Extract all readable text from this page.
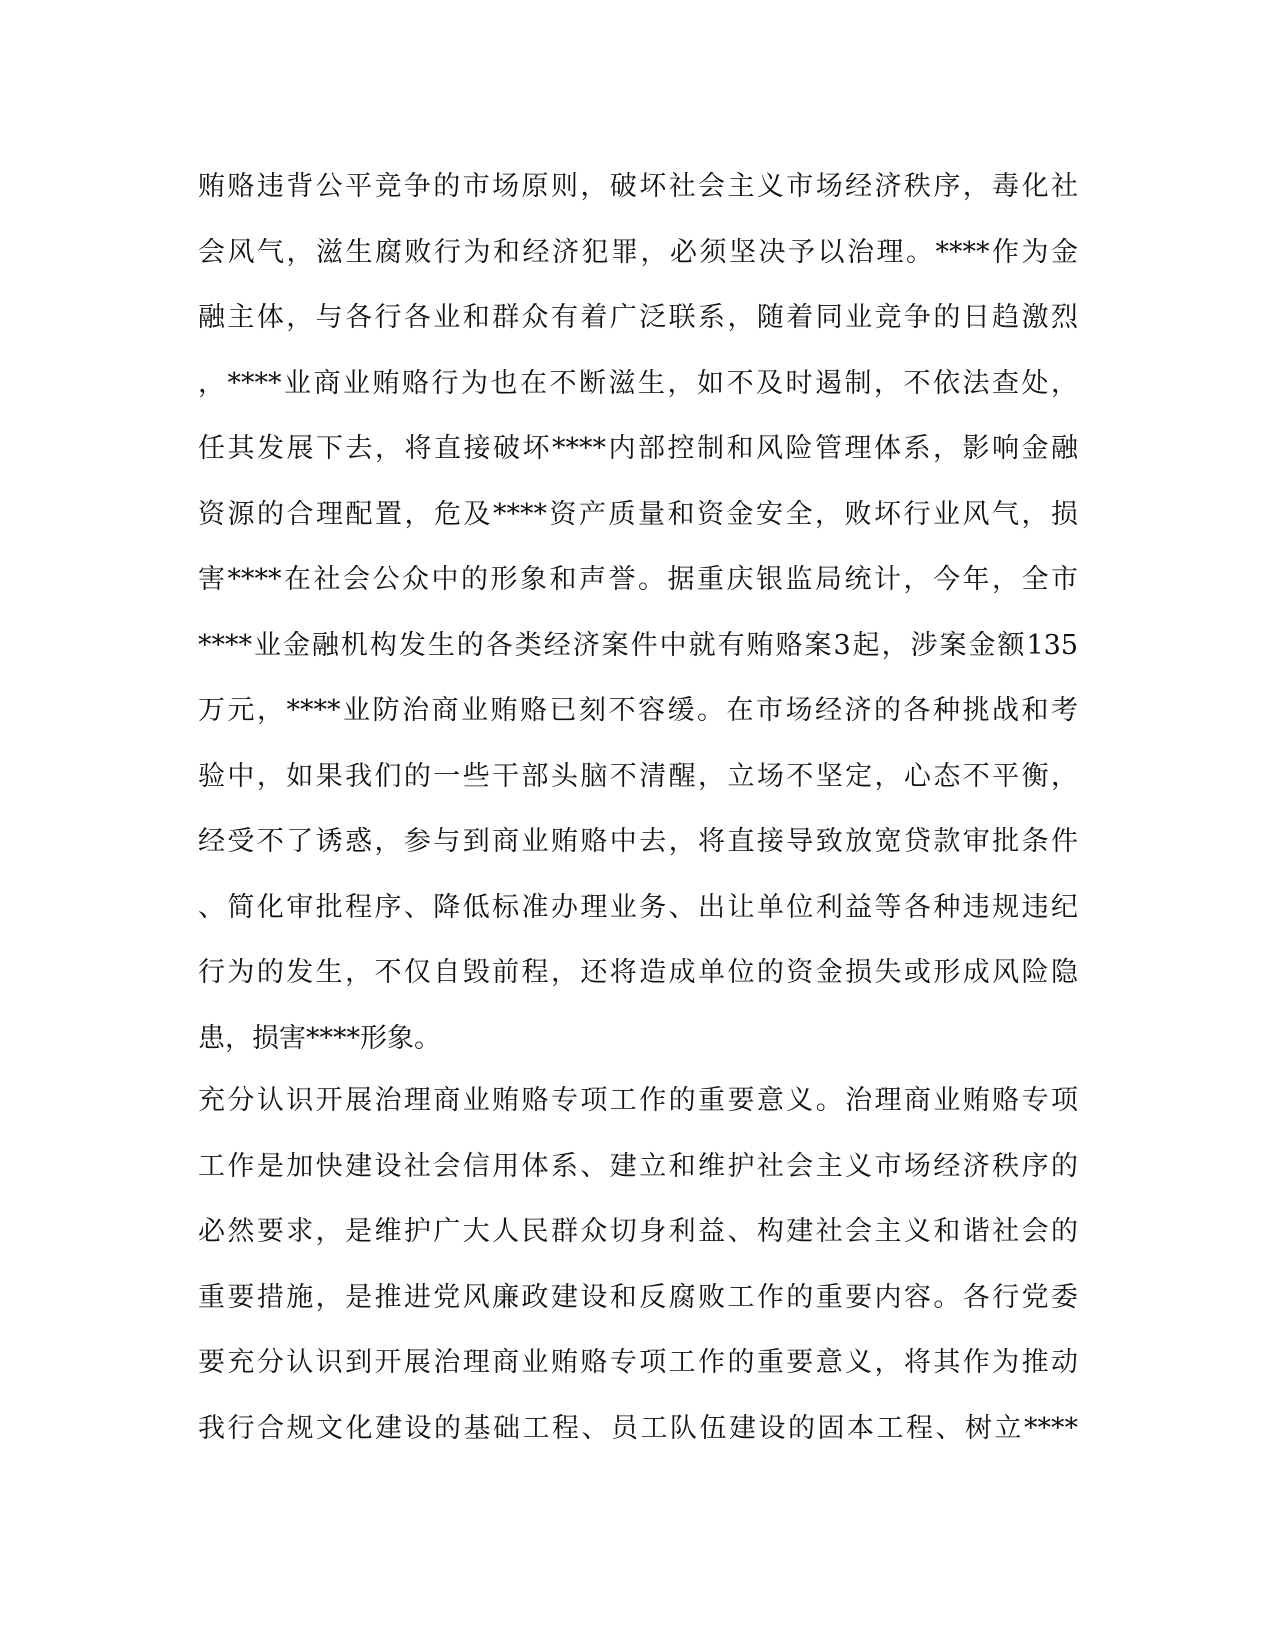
贿赂违背公平竞争的市场原则，破坏社会主义市场经济秩序，毒化社
会风气，滋生腐败行为和经济犯罪，必须坚决予以治理。****作为金
融主体，与各行各业和群众有着广泛联系，随着同业竞争的日趋激烈
，****业商业贿赂行为也在不断滋生，如不及时遏制，不依法查处，
任其发展下去，将直接破坏****内部控制和风险管理体系，影响金融
资源的合理配置，危及****资产质量和资金安全，败坏行业风气，损
害****在社会公众中的形象和声誉。据重庆银监局统计，今年，全市
****业金融机构发生的各类经济案件中就有贿赂案3起，涉案金额135
万元，****业防治商业贿赂已刻不容缓。在市场经济的各种挑战和考
验中，如果我们的一些干部头脑不清醒，立场不坚定，心态不平衡，
经受不了诱惑，参与到商业贿赂中去，将直接导致放宽贷款审批条件
、简化审批程序、降低标准办理业务、出让单位利益等各种违规违纪
行为的发生，不仅自毁前程，还将造成单位的资金损失或形成风险隐
患，损害****形象。
充分认识开展治理商业贿赂专项工作的重要意义。治理商业贿赂专项
工作是加快建设社会信用体系、建立和维护社会主义市场经济秩序的
必然要求，是维护广大人民群众切身利益、构建社会主义和谐社会的
重要措施，是推进党风廉政建设和反腐败工作的重要内容。各行党委
要充分认识到开展治理商业贿赂专项工作的重要意义，将其作为推动
我行合规文化建设的基础工程、员工队伍建设的固本工程、树立****
